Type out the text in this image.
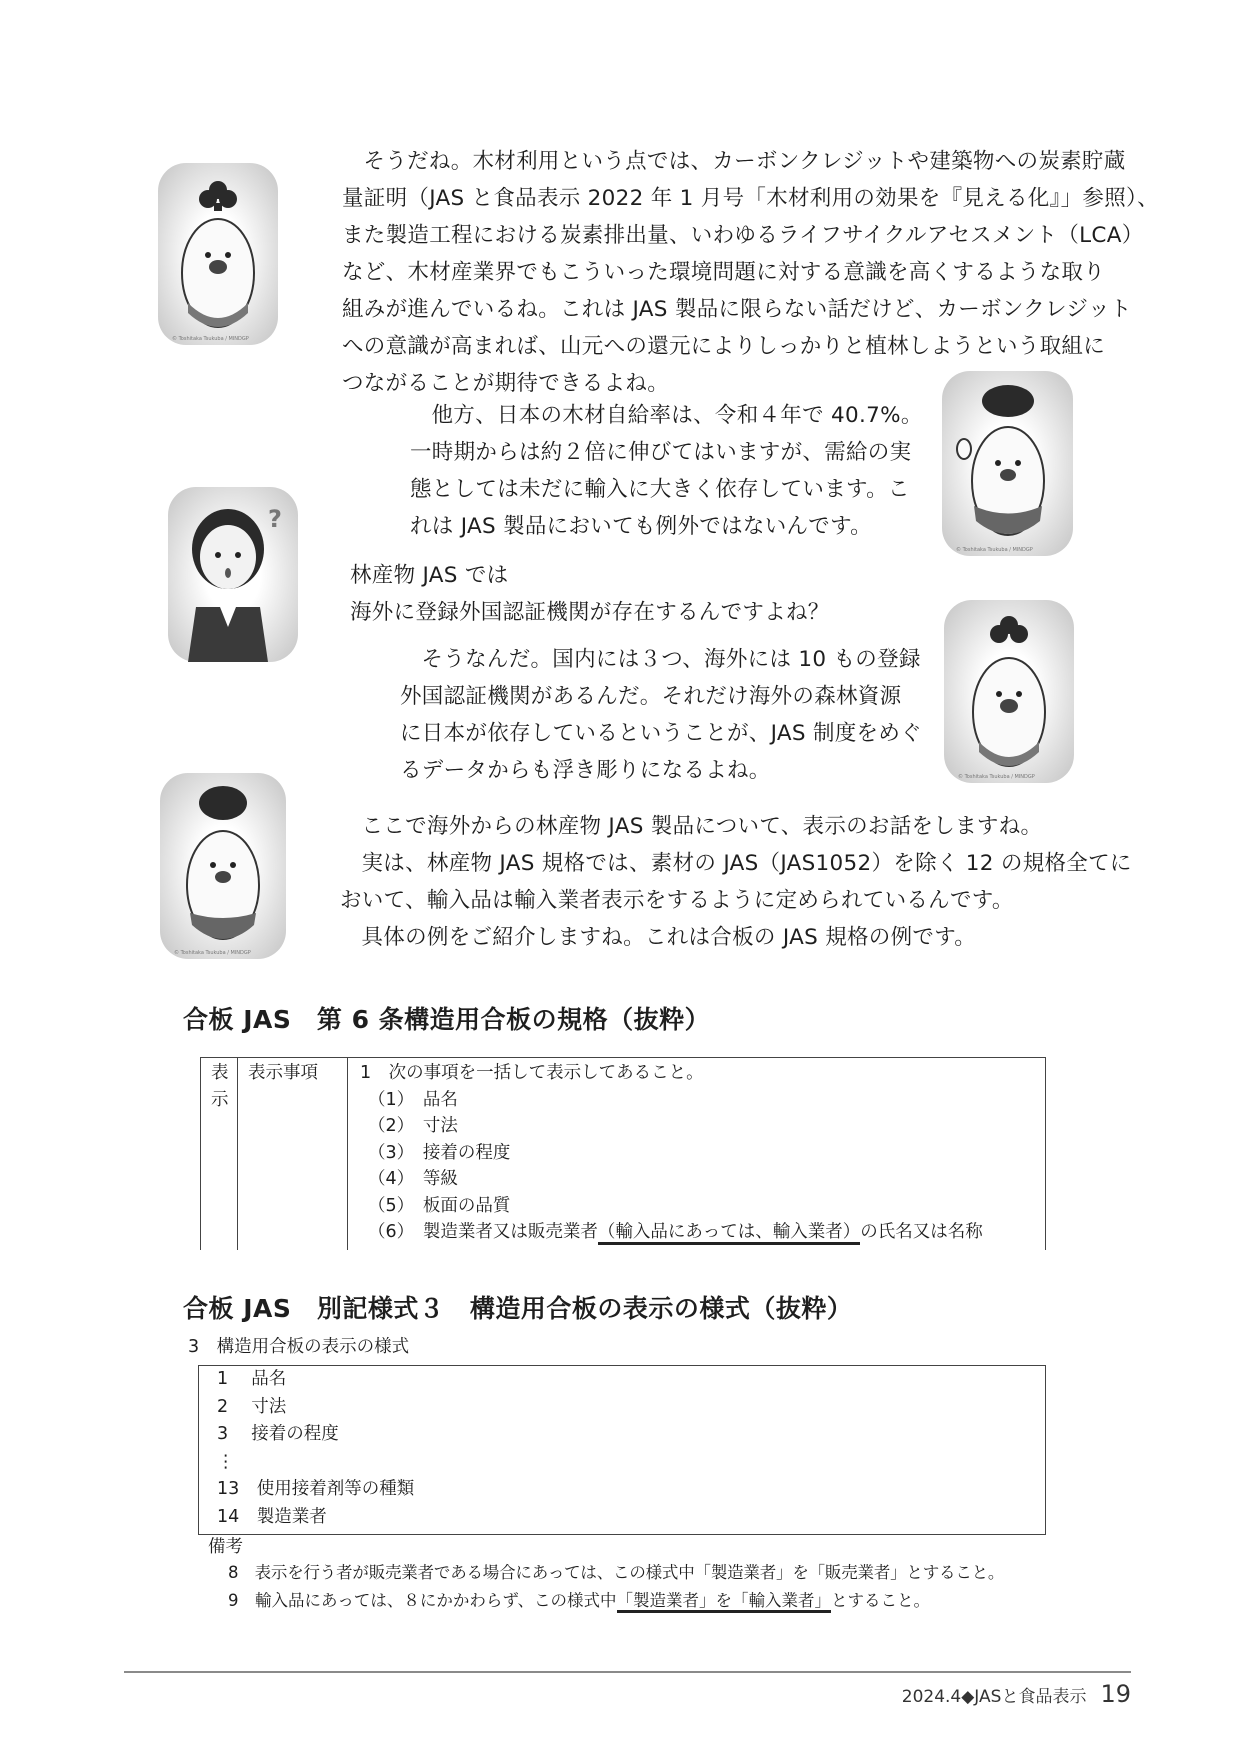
© Toshitaka Tsukuba / MINDGP
© Toshitaka Tsukuba / MINDGP
?
© Toshitaka Tsukuba / MINDGP
© Toshitaka Tsukuba / MINDGP

そうだね。木材利用という点では、カーボンクレジットや建築物への炭素貯蔵

量証明（JAS と食品表示 2022 年 1 月号「木材利用の効果を『見える化』」参照）、

また製造工程における炭素排出量、いわゆるライフサイクルアセスメント（LCA）

など、木材産業界でもこういった環境問題に対する意識を高くするような取り

組みが進んでいるね。これは JAS 製品に限らない話だけど、カーボンクレジット

への意識が高まれば、山元への還元によりしっかりと植林しようという取組に

つながることが期待できるよね。

他方、日本の木材自給率は、令和４年で 40.7%。

一時期からは約２倍に伸びてはいますが、需給の実

態としては未だに輸入に大きく依存しています。こ

れは JAS 製品においても例外ではないんです。

林産物 JAS では

海外に登録外国認証機関が存在するんですよね？

そうなんだ。国内には３つ、海外には 10 もの登録

外国認証機関があるんだ。それだけ海外の森林資源

に日本が依存しているということが、JAS 制度をめぐ

るデータからも浮き彫りになるよね。

ここで海外からの林産物 JAS 製品について、表示のお話をしますね。

実は、林産物 JAS 規格では、素材の JAS（JAS1052）を除く 12 の規格全てに

おいて、輸入品は輸入業者表示をするように定められているんです。

具体の例をご紹介しますね。これは合板の JAS 規格の例です。

合板 JAS　第 6 条構造用合板の規格（抜粋）
表
示
表示事項	1　次の事項を一括して表示してあること。
（1）　品名
（2）　寸法
（3）　接着の程度
（4）　等級
（5）　板面の品質
（6）　製造業者又は販売業者（輸入品にあっては、輸入業者）の氏名又は名称
合板 JAS　別記様式３　構造用合板の表示の様式（抜粋）
3　構造用合板の表示の様式
1　 品名
2　 寸法
3　 接着の程度
⋮
13　使用接着剤等の種類
14　製造業者
備考
8　表示を行う者が販売業者である場合にあっては、この様式中「製造業者」を「販売業者」とすること。
9　輸入品にあっては、８にかかわらず、この様式中「製造業者」を「輸入業者」とすること。
2024.4◆JASと食品表示 19
